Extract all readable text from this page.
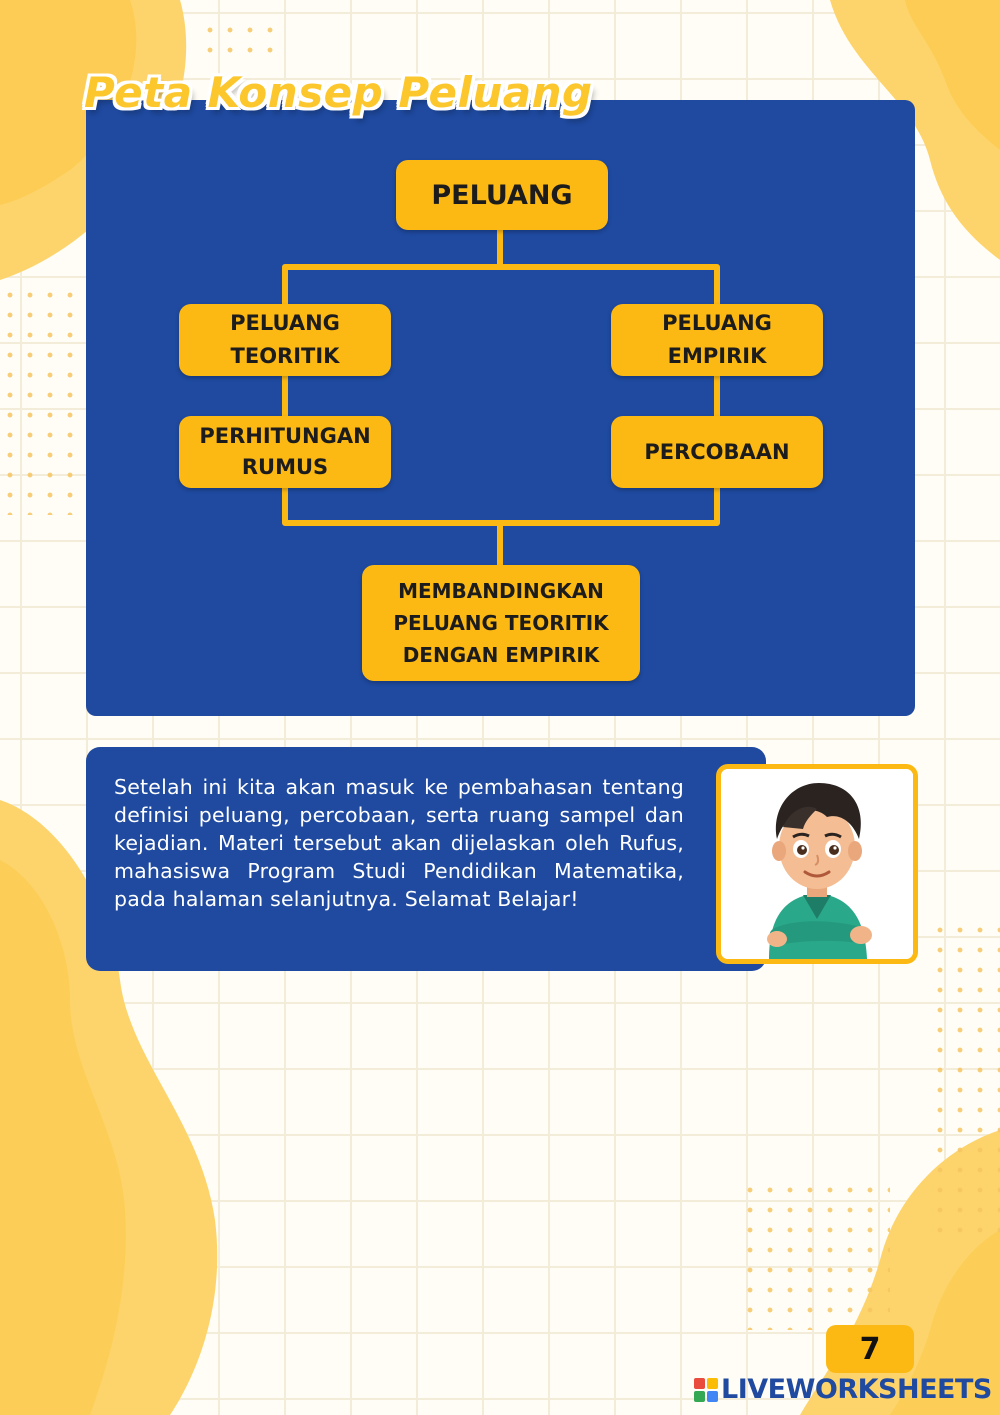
Peta Konsep Peluang
PELUANG
PELUANG
TEORITIK
PELUANG
EMPIRIK
PERHITUNGAN
RUMUS
PERCOBAAN
MEMBANDINGKAN
PELUANG TEORITIK
DENGAN EMPIRIK
Setelah ini kita akan masuk ke pembahasan tentang definisi peluang, percobaan, serta ruang sampel dan kejadian. Materi tersebut akan dijelaskan oleh Rufus, mahasiswa Program Studi Pendidikan Matematika, pada halaman selanjutnya. Selamat Belajar!
7
LIVEWORKSHEETS
